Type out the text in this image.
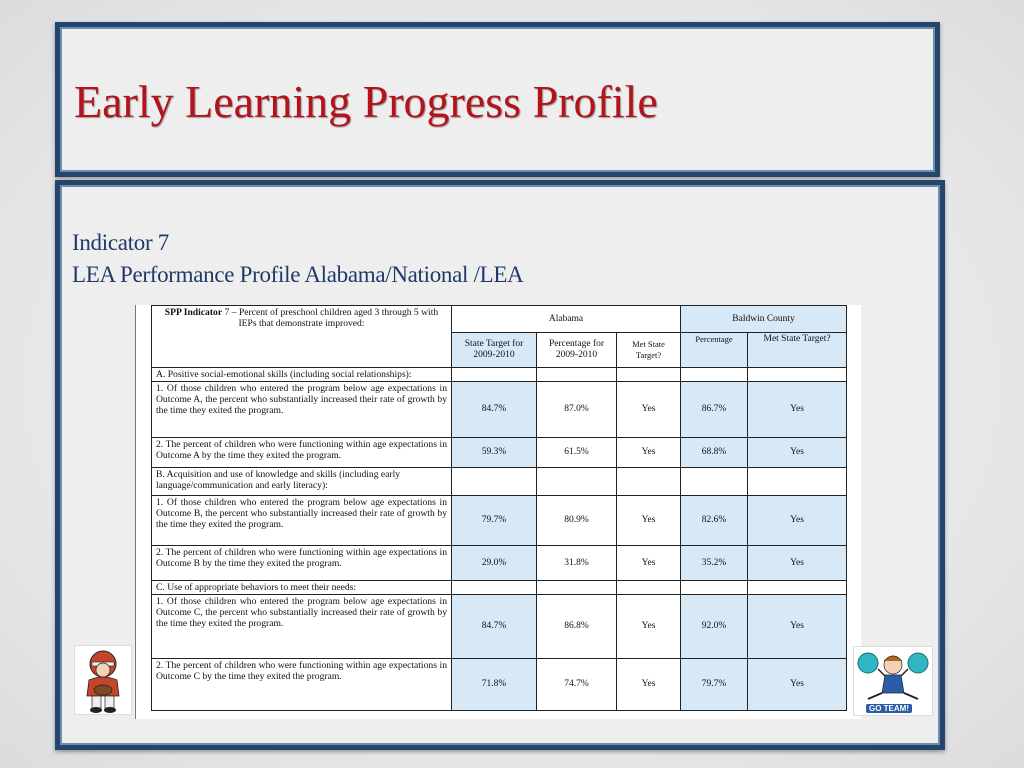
Early Learning Progress Profile
Indicator 7
LEA Performance Profile Alabama/National /LEA
SPP Indicator 7 – Percent of preschool children aged 3 through 5 with IEPs that demonstrate improved:	Alabama			Baldwin County	
	State Target for 2009-2010	Percentage for 2009-2010	Met State Target?	Percentage	Met State Target?
A. Positive social-emotional skills (including social relationships):					
1. Of those children who entered the program below age expectations in Outcome A, the percent who substantially increased their rate of growth by the time they exited the program.	84.7%	87.0%	Yes	86.7%	Yes
2. The percent of children who were functioning within age expectations in Outcome A by the time they exited the program.	59.3%	61.5%	Yes	68.8%	Yes
B. Acquisition and use of knowledge and skills (including early language/communication and early literacy):					
1. Of those children who entered the program below age expectations in Outcome B, the percent who substantially increased their rate of growth by the time they exited the program.	79.7%	80.9%	Yes	82.6%	Yes
2. The percent of children who were functioning within age expectations in Outcome B by the time they exited the program.	29.0%	31.8%	Yes	35.2%	Yes
C. Use of appropriate behaviors to meet their needs:					
1. Of those children who entered the program below age expectations in Outcome C, the percent who substantially increased their rate of growth by the time they exited the program.	84.7%	86.8%	Yes	92.0%	Yes
2. The percent of children who were functioning within age expectations in Outcome C by the time they exited the program.	71.8%	74.7%	Yes	79.7%	Yes
GO TEAM!
